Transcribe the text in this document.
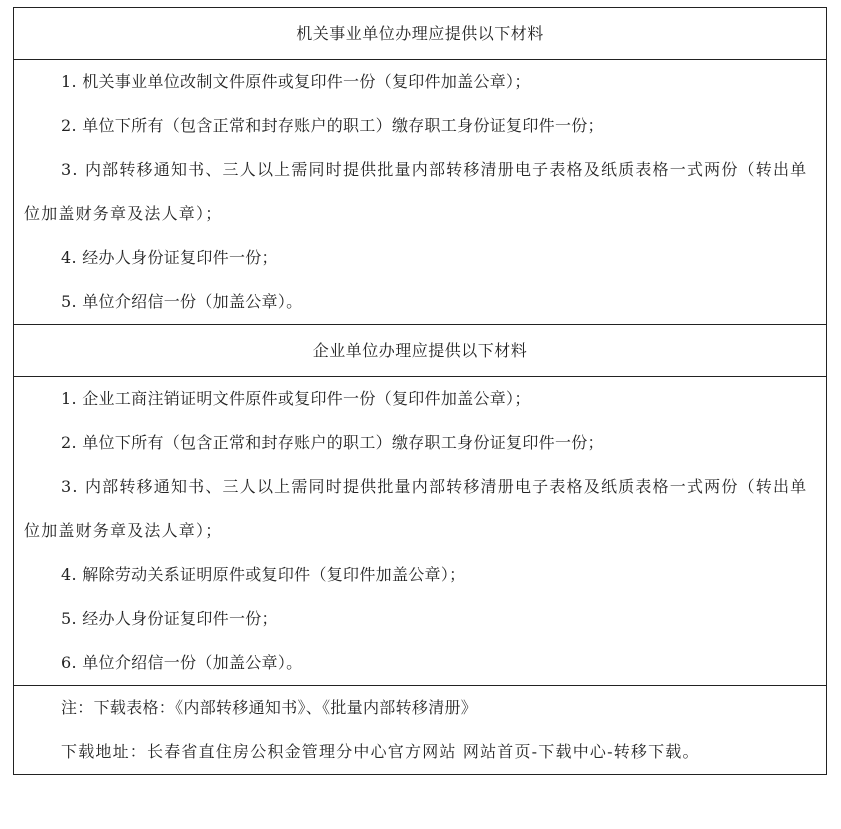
机关事业单位办理应提供以下材料

1. 机关事业单位改制文件原件或复印件一份（复印件加盖公章）；
2. 单位下所有（包含正常和封存账户的职工）缴存职工身份证复印件一份；
3. 内部转移通知书、三人以上需同时提供批量内部转移清册电子表格及纸质表格一式两份（转出单位加盖财务章及法人章）；
4. 经办人身份证复印件一份；
5. 单位介绍信一份（加盖公章）。

企业单位办理应提供以下材料

1. 企业工商注销证明文件原件或复印件一份（复印件加盖公章）；
2. 单位下所有（包含正常和封存账户的职工）缴存职工身份证复印件一份；
3. 内部转移通知书、三人以上需同时提供批量内部转移清册电子表格及纸质表格一式两份（转出单位加盖财务章及法人章）；
4. 解除劳动关系证明原件或复印件（复印件加盖公章）；
5. 经办人身份证复印件一份；
6. 单位介绍信一份（加盖公章）。

注：下载表格：《内部转移通知书》、《批量内部转移清册》
下载地址：长春省直住房公积金管理分中心官方网站 网站首页-下载中心-转移下载。
